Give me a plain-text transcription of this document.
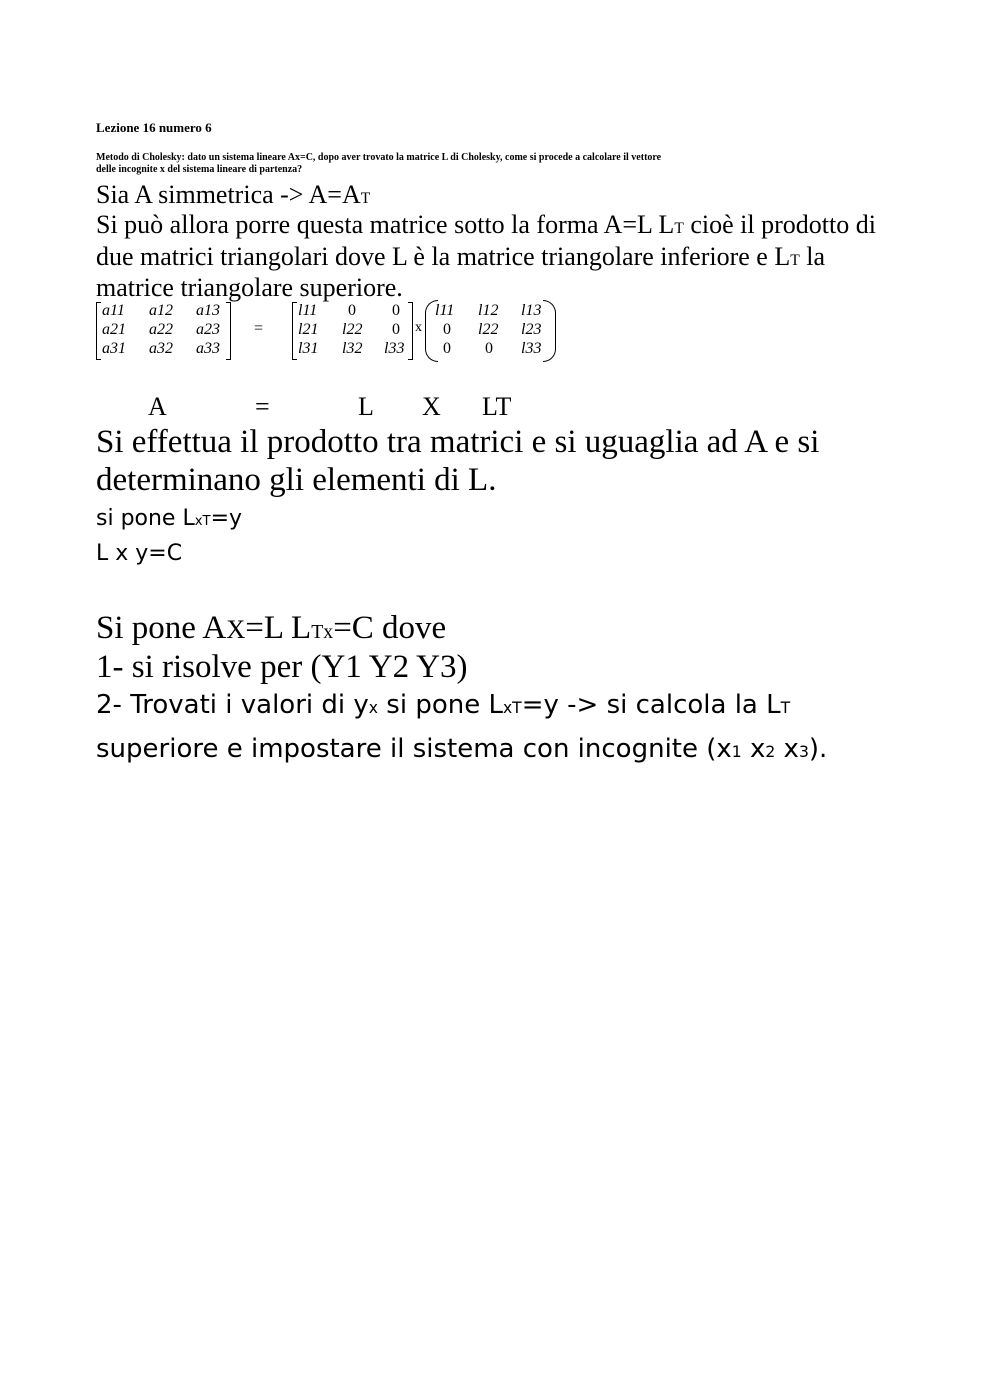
Lezione 16 numero 6
Metodo di Cholesky: dato un sistema lineare Ax=C, dopo aver trovato la matrice L di Cholesky, come si procede a calcolare il vettore
delle incognite x del sistema lineare di partenza?
Sia A simmetrica -> A=AT
Si può allora porre questa matrice sotto la forma A=L LT cioè il prodotto di
due matrici triangolari dove L è la matrice triangolare inferiore e LT la
matrice triangolare superiore.
a11 a12 a13
a21 a22 a23
a31 a32 a33
=
l11 0 0
l21 l22 0
l31 l32 l33
x
l11 l12 l13
0 l22 l23
0 0 l33
A	=	L X LT
Si effettua il prodotto tra matrici e si uguaglia ad A e si
determinano gli elementi di L.
si pone LxT=y
L x y=C
Si pone AX=L LTx=C dove
1- si risolve per (Y1 Y2 Y3)
2- Trovati i valori di yx si pone LxT=y -> si calcola la LT
superiore e impostare il sistema con incognite (x1 x2 x3).
